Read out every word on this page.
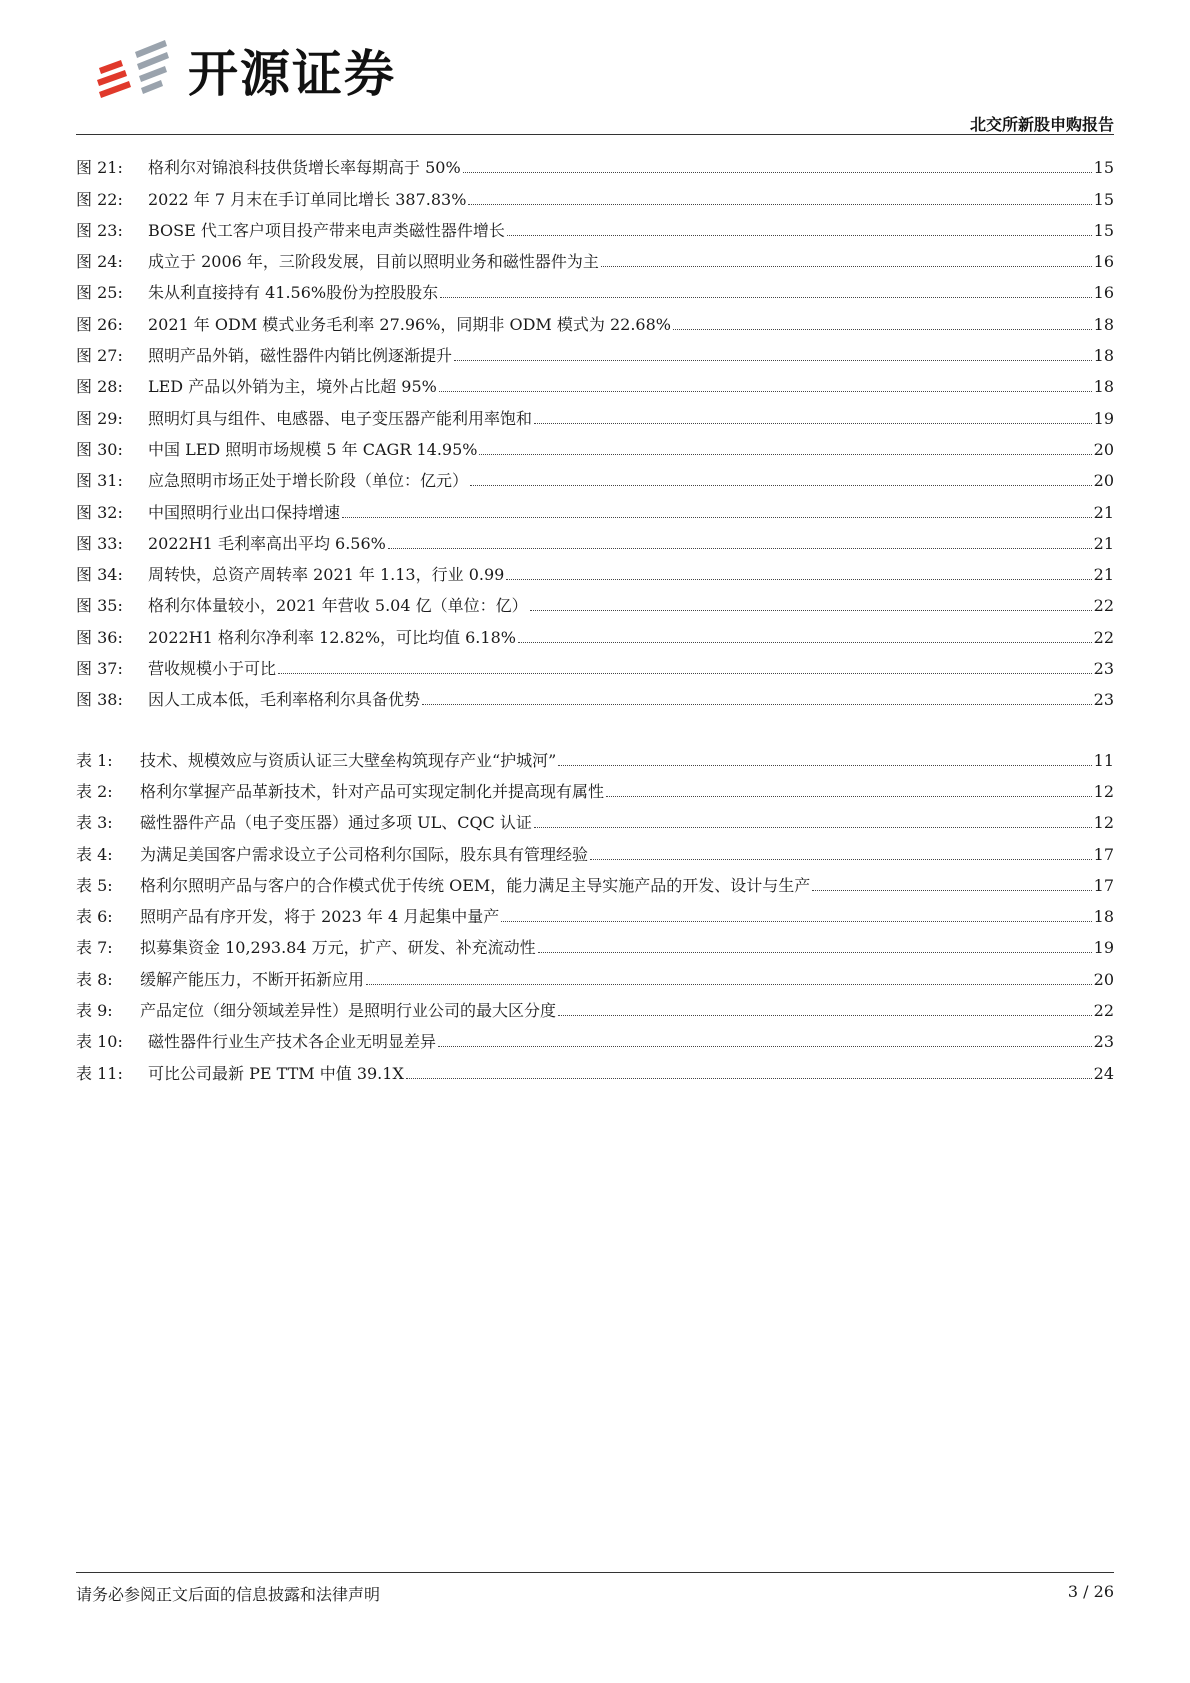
开源证券
北交所新股申购报告
图 21:	格利尔对锦浪科技供货增长率每期高于 50%	15
图 22:	2022 年 7 月末在手订单同比增长 387.83%	15
图 23:	BOSE 代工客户项目投产带来电声类磁性器件增长	15
图 24:	成立于 2006 年，三阶段发展，目前以照明业务和磁性器件为主	16
图 25:	朱从利直接持有 41.56%股份为控股股东	16
图 26:	2021 年 ODM 模式业务毛利率 27.96%，同期非 ODM 模式为 22.68%	18
图 27:	照明产品外销，磁性器件内销比例逐渐提升	18
图 28:	LED 产品以外销为主，境外占比超 95%	18
图 29:	照明灯具与组件、电感器、电子变压器产能利用率饱和	19
图 30:	中国 LED 照明市场规模 5 年 CAGR 14.95%	20
图 31:	应急照明市场正处于增长阶段（单位：亿元）	20
图 32:	中国照明行业出口保持增速	21
图 33:	2022H1 毛利率高出平均 6.56%	21
图 34:	周转快，总资产周转率 2021 年 1.13，行业 0.99	21
图 35:	格利尔体量较小，2021 年营收 5.04 亿（单位：亿）	22
图 36:	2022H1 格利尔净利率 12.82%，可比均值 6.18%	22
图 37:	营收规模小于可比	23
图 38:	因人工成本低，毛利率格利尔具备优势	23
表 1:	技术、规模效应与资质认证三大壁垒构筑现存产业“护城河”	11
表 2:	格利尔掌握产品革新技术，针对产品可实现定制化并提高现有属性	12
表 3:	磁性器件产品（电子变压器）通过多项 UL、CQC 认证	12
表 4:	为满足美国客户需求设立子公司格利尔国际，股东具有管理经验	17
表 5:	格利尔照明产品与客户的合作模式优于传统 OEM，能力满足主导实施产品的开发、设计与生产	17
表 6:	照明产品有序开发，将于 2023 年 4 月起集中量产	18
表 7:	拟募集资金 10,293.84 万元，扩产、研发、补充流动性	19
表 8:	缓解产能压力，不断开拓新应用	20
表 9:	产品定位（细分领域差异性）是照明行业公司的最大区分度	22
表 10:	磁性器件行业生产技术各企业无明显差异	23
表 11:	可比公司最新 PE TTM 中值 39.1X	24
请务必参阅正文后面的信息披露和法律声明	3 / 26
